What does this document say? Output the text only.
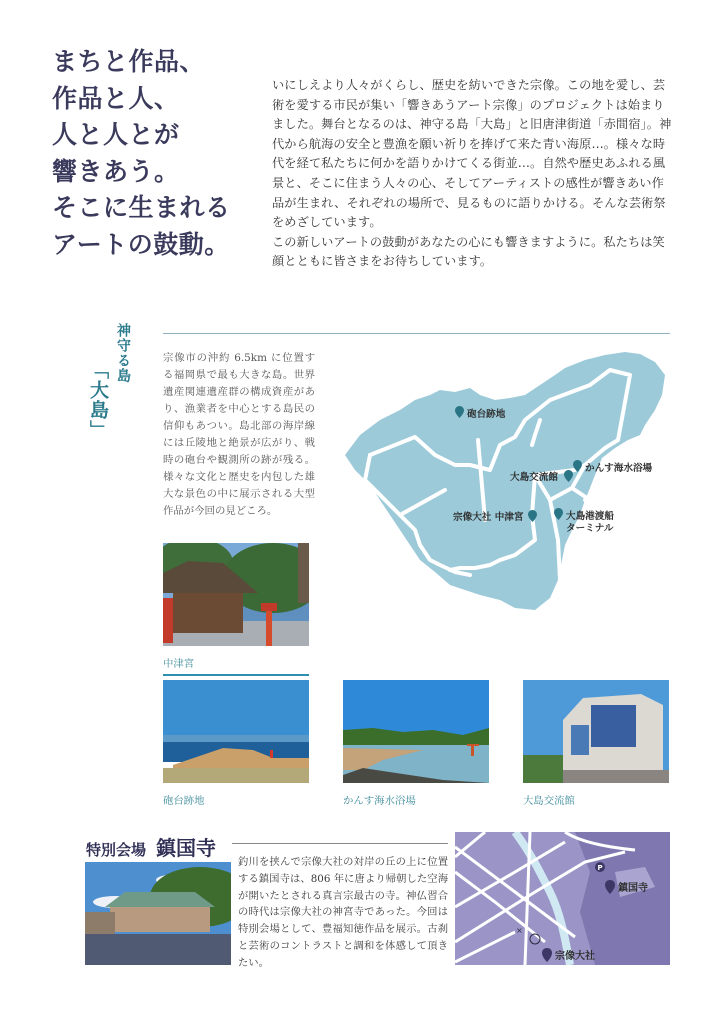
まちと作品、
作品と人、
人と人とが
響きあう。
そこに生まれる
アートの鼓動。

いにしえより人々がくらし、歴史を紡いできた宗像。この地を愛し、芸術を愛する市民が集い「響きあうアート宗像」のプロジェクトは始まりました。舞台となるのは、神守る島「大島」と旧唐津街道「赤間宿」。神代から航海の安全と豊漁を願い祈りを捧げて来た青い海原…。様々な時代を経て私たちに何かを語りかけてくる街並…。自然や歴史あふれる風景と、そこに住まう人々の心、そしてアーティストの感性が響きあい作品が生まれ、それぞれの場所で、見るものに語りかける。そんな芸術祭をめざしています。

この新しいアートの鼓動があなたの心にも響きますように。私たちは笑顔とともに皆さまをお待ちしています。

神守る島
「大島」
宗像市の沖約 6.5km に位置する福岡県で最も大きな島。世界遺産関連遺産群の構成資産があり、漁業者を中心とする島民の信仰もあつい。島北部の海岸線には丘陵地と絶景が広がり、戦時の砲台や観測所の跡が残る。様々な文化と歴史を内包した雄大な景色の中に展示される大型作品が今回の見どころ。
砲台跡地
かんす海水浴場
大島交流館
宗像大社 中津宮	大島港渡船
ターミナル
中津宮
砲台跡地	かんす海水浴場	大島交流館
特別会場 鎮国寺
釣川を挟んで宗像大社の対岸の丘の上に位置する鎮国寺は、806 年に唐より帰朝した空海が開いたとされる真言宗最古の寺。神仏習合の時代は宗像大社の神宮寺であった。今回は特別会場として、豊福知徳作品を展示。古刹と芸術のコントラストと調和を体感して頂きたい。
P
×
鎮国寺
宗像大社
